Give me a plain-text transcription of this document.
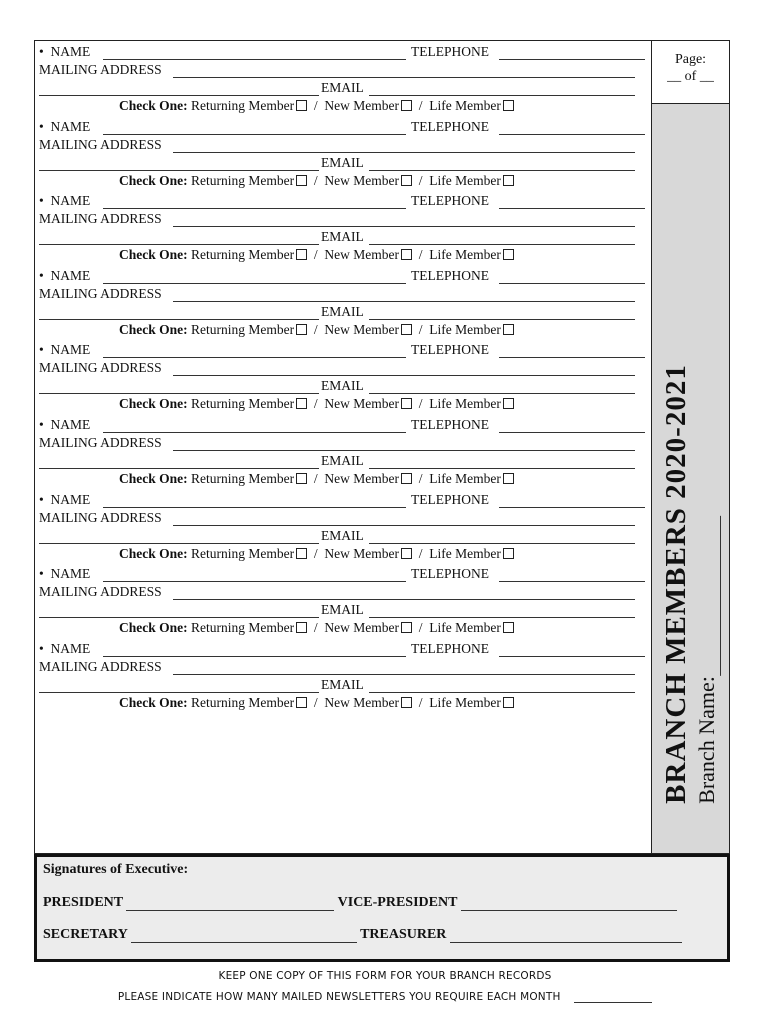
•  NAME	TELEPHONE
MAILING ADDRESS
EMAIL
Check One: Returning Member / New Member / Life Member
•  NAME	TELEPHONE
MAILING ADDRESS
EMAIL
Check One: Returning Member / New Member / Life Member
•  NAME	TELEPHONE
MAILING ADDRESS
EMAIL
Check One: Returning Member / New Member / Life Member
•  NAME	TELEPHONE
MAILING ADDRESS
EMAIL
Check One: Returning Member / New Member / Life Member
•  NAME	TELEPHONE
MAILING ADDRESS
EMAIL
Check One: Returning Member / New Member / Life Member
•  NAME	TELEPHONE
MAILING ADDRESS
EMAIL
Check One: Returning Member / New Member / Life Member
•  NAME	TELEPHONE
MAILING ADDRESS
EMAIL
Check One: Returning Member / New Member / Life Member
•  NAME	TELEPHONE
MAILING ADDRESS
EMAIL
Check One: Returning Member / New Member / Life Member
•  NAME	TELEPHONE
MAILING ADDRESS
EMAIL
Check One: Returning Member / New Member / Life Member
Page:
__ of __
BRANCH MEMBERS 2020-2021 Branch Name:
Signatures of Executive:
PRESIDENT	VICE-PRESIDENT
SECRETARY	TREASURER
KEEP ONE COPY OF THIS FORM FOR YOUR BRANCH RECORDS
PLEASE INDICATE HOW MANY MAILED NEWSLETTERS YOU REQUIRE EACH MONTH
